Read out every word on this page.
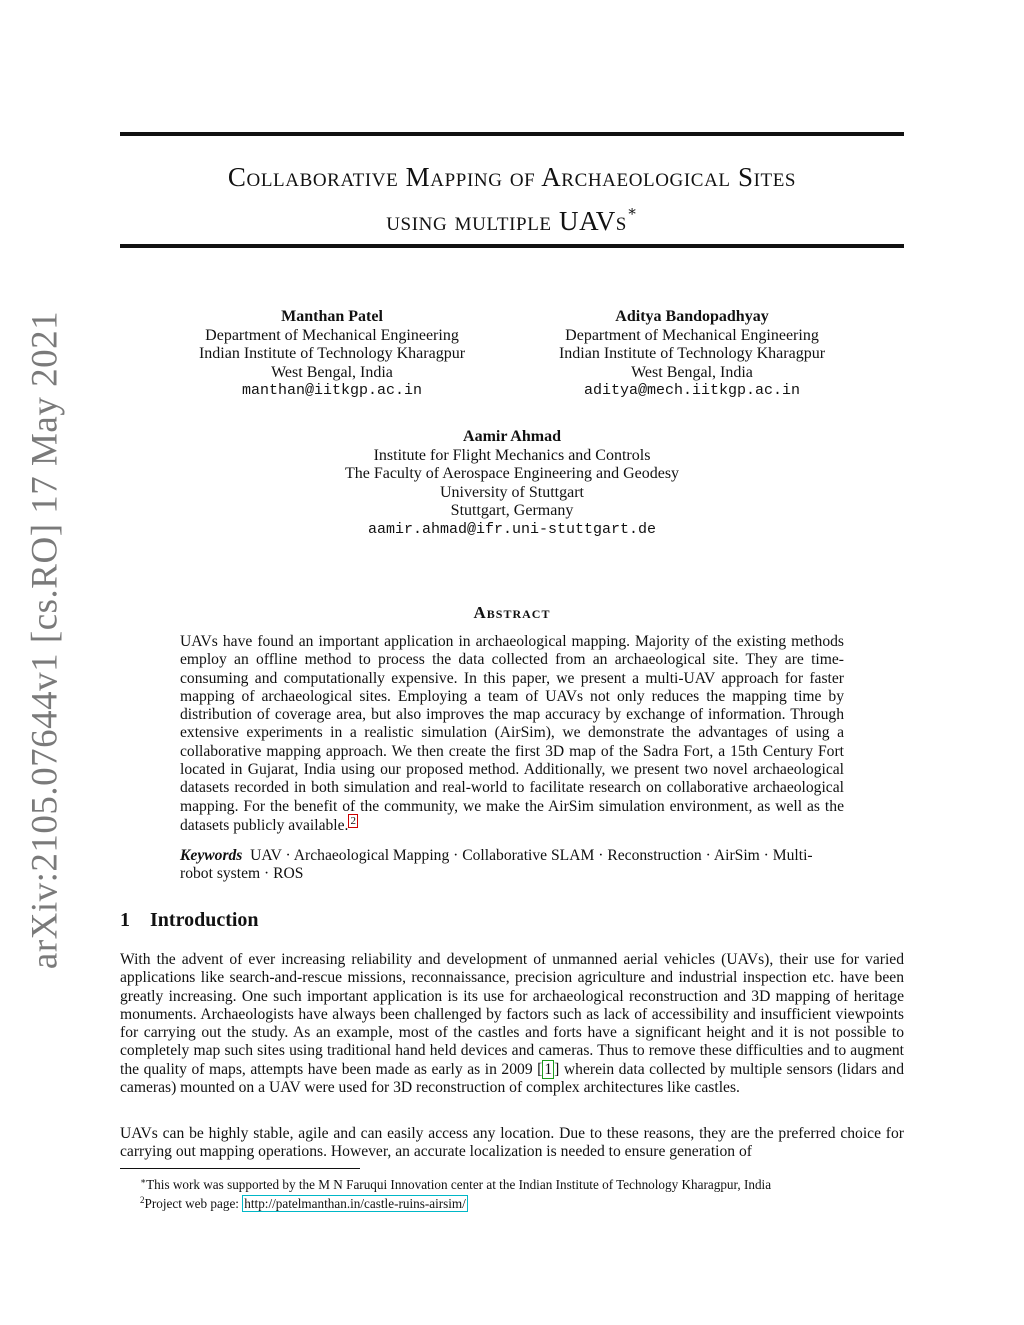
arXiv:2105.07644v1 [cs.RO] 17 May 2021
Collaborative Mapping of Archaeological Sites
using multiple UAVs∗
Manthan Patel
Department of Mechanical Engineering
Indian Institute of Technology Kharagpur
West Bengal, India
manthan@iitkgp.ac.in
Aditya Bandopadhyay
Department of Mechanical Engineering
Indian Institute of Technology Kharagpur
West Bengal, India
aditya@mech.iitkgp.ac.in
Aamir Ahmad
Institute for Flight Mechanics and Controls
The Faculty of Aerospace Engineering and Geodesy
University of Stuttgart
Stuttgart, Germany
aamir.ahmad@ifr.uni-stuttgart.de
Abstract
UAVs have found an important application in archaeological mapping. Majority of the existing methods employ an offline method to process the data collected from an archaeological site. They are time-consuming and computationally expensive. In this paper, we present a multi-UAV approach for faster mapping of archaeological sites. Employing a team of UAVs not only reduces the mapping time by distribution of coverage area, but also improves the map accuracy by exchange of information. Through extensive experiments in a realistic simulation (AirSim), we demonstrate the advantages of using a collaborative mapping approach. We then create the first 3D map of the Sadra Fort, a 15th Century Fort located in Gujarat, India using our proposed method. Additionally, we present two novel archaeological datasets recorded in both simulation and real-world to facilitate research on collaborative archaeological mapping. For the benefit of the community, we make the AirSim simulation environment, as well as the datasets publicly available. $^2$
Keywords UAV · Archaeological Mapping · Collaborative SLAM · Reconstruction · AirSim · Multi-robot system · ROS
1 Introduction
With the advent of ever increasing reliability and development of unmanned aerial vehicles (UAVs), their use for varied applications like search-and-rescue missions, reconnaissance, precision agriculture and industrial inspection etc. have been greatly increasing. One such important application is its use for archaeological reconstruction and 3D mapping of heritage monuments. Archaeologists have always been challenged by factors such as lack of accessibility and insufficient viewpoints for carrying out the study. As an example, most of the castles and forts have a significant height and it is not possible to completely map such sites using traditional hand held devices and cameras. Thus to remove these difficulties and to augment the quality of maps, attempts have been made as early as in 2009 [ 1 ] wherein data collected by multiple sensors (lidars and cameras) mounted on a UAV were used for 3D reconstruction of complex architectures like castles.
UAVs can be highly stable, agile and can easily access any location. Due to these reasons, they are the preferred choice for carrying out mapping operations. However, an accurate localization is needed to ensure generation of
∗This work was supported by the M N Faruqui Innovation center at the Indian Institute of Technology Kharagpur, India
$^2$Project web page: http://patelmanthan.in/castle-ruins-airsim/
